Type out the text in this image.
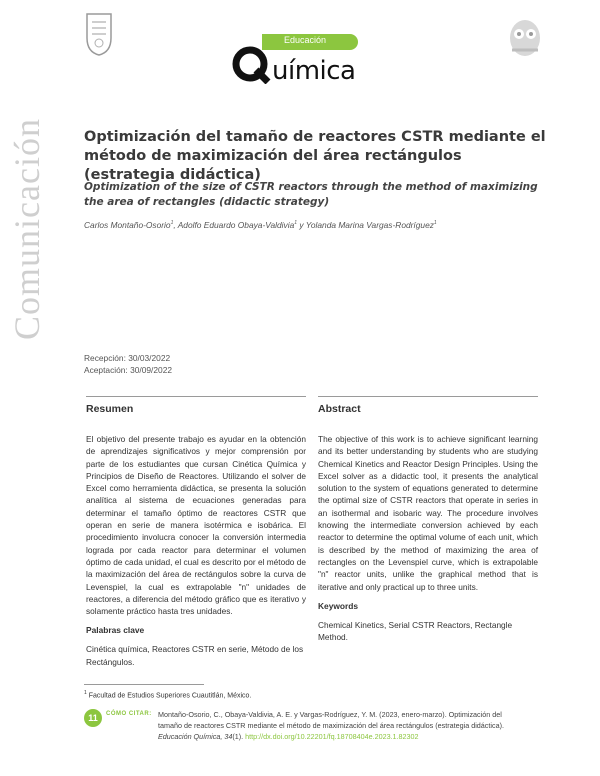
Educación
uímica
Comunicación	Optimización del tamaño de reactores CSTR mediante el método de maximización del área rectángulos (estrategia didáctica)
Optimization of the size of CSTR reactors through the method of maximizing the area of rectangles (didactic strategy)
Carlos Montaño-Osorio$^1$, Adolfo Eduardo Obaya-Valdivia$^1$ y Yolanda Marina Vargas-Rodríguez$^1$
Recepción: 30/03/2022
Aceptación: 30/09/2022
Resumen

El objetivo del presente trabajo es ayudar en la obtención de aprendizajes significativos y mejor comprensión por parte de los estudiantes que cursan Cinética Química y Principios de Diseño de Reactores. Utilizando el solver de Excel como herramienta didáctica, se presenta la solución analítica al sistema de ecuaciones generadas para determinar el tamaño óptimo de reactores CSTR que operan en serie de manera isotérmica e isobárica. El procedimiento involucra conocer la conversión intermedia lograda por cada reactor para determinar el volumen óptimo de cada unidad, el cual es descrito por el método de la maximización del área de rectángulos sobre la curva de Levenspiel, la cual es extrapolable "n" unidades de reactores, a diferencia del método gráfico que es iterativo y solamente práctico hasta tres unidades.

Palabras clave

Cinética química, Reactores CSTR en serie, Método de los Rectángulos.

Abstract

The objective of this work is to achieve significant learning and its better understanding by students who are studying Chemical Kinetics and Reactor Design Principles. Using the Excel solver as a didactic tool, it presents the analytical solution to the system of equations generated to determine the optimal size of CSTR reactors that operate in series in an isothermal and isobaric way. The procedure involves knowing the intermediate conversion achieved by each reactor to determine the optimal volume of each unit, which is described by the method of maximizing the area of rectangles on the Levenspiel curve, which is extrapolable "n" reactor units, unlike the graphical method that is iterative and only practical up to three units.

Keywords

Chemical Kinetics, Serial CSTR Reactors, Rectangle Method.

$^1$ Facultad de Estudios Superiores Cuautitlán, México.
11	CÓMO CITAR: Montaño-Osorio, C., Obaya-Valdivia, A. E. y Vargas-Rodríguez, Y. M. (2023, enero-marzo). Optimización del tamaño de reactores CSTR mediante el método de maximización del área rectángulos (estrategia didáctica). Educación Química, 34(1). http://dx.doi.org/10.22201/fq.18708404e.2023.1.82302
